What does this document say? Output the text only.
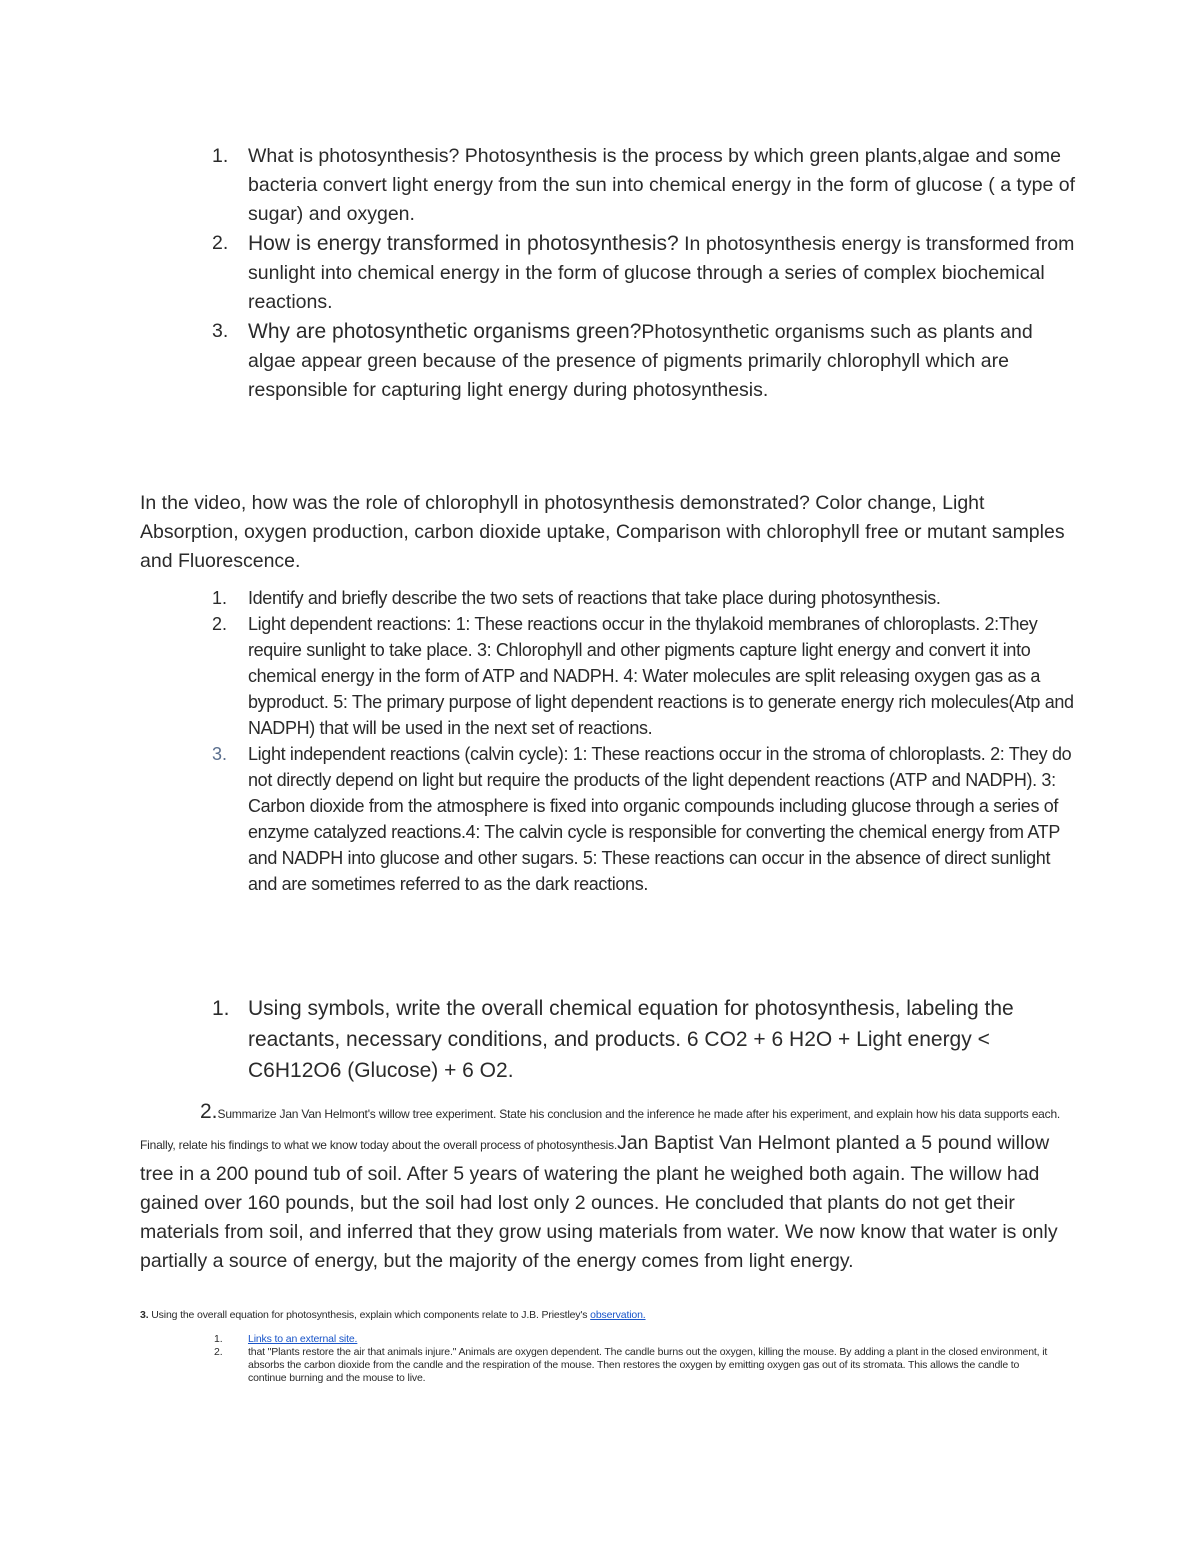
1. What is photosynthesis? Photosynthesis is the process by which green plants,algae and some bacteria convert light energy from the sun into chemical energy in the form of glucose ( a type of sugar) and oxygen.
2. How is energy transformed in photosynthesis? In photosynthesis energy is transformed from sunlight into chemical energy in the form of glucose through a series of complex biochemical reactions.
3. Why are photosynthetic organisms green?Photosynthetic organisms such as plants and algae appear green because of the presence of pigments primarily chlorophyll which are responsible for capturing light energy during photosynthesis.
In the video, how was the role of chlorophyll in photosynthesis demonstrated? Color change, Light Absorption, oxygen production, carbon dioxide uptake, Comparison with chlorophyll free or mutant samples and Fluorescence.
1. Identify and briefly describe the two sets of reactions that take place during photosynthesis.
2. Light dependent reactions: 1: These reactions occur in the thylakoid membranes of chloroplasts. 2:They require sunlight to take place. 3: Chlorophyll and other pigments capture light energy and convert it into chemical energy in the form of ATP and NADPH. 4: Water molecules are split releasing oxygen gas as a byproduct. 5: The primary purpose of light dependent reactions is to generate energy rich molecules(Atp and NADPH) that will be used in the next set of reactions.
3. Light independent reactions (calvin cycle): 1: These reactions occur in the stroma of chloroplasts. 2: They do not directly depend on light but require the products of the light dependent reactions (ATP and NADPH). 3: Carbon dioxide from the atmosphere is fixed into organic compounds including glucose through a series of enzyme catalyzed reactions.4: The calvin cycle is responsible for converting the chemical energy from ATP and NADPH into glucose and other sugars. 5: These reactions can occur in the absence of direct sunlight and are sometimes referred to as the dark reactions.
1. Using symbols, write the overall chemical equation for photosynthesis, labeling the reactants, necessary conditions, and products. 6 CO2 + 6 H2O + Light energy < C6H12O6 (Glucose) + 6 O2.
2.Summarize Jan Van Helmont's willow tree experiment. State his conclusion and the inference he made after his experiment, and explain how his data supports each. Finally, relate his findings to what we know today about the overall process of photosynthesis.Jan Baptist Van Helmont planted a 5 pound willow tree in a 200 pound tub of soil. After 5 years of watering the plant he weighed both again. The willow had gained over 160 pounds, but the soil had lost only 2 ounces. He concluded that plants do not get their materials from soil, and inferred that they grow using materials from water. We now know that water is only partially a source of energy, but the majority of the energy comes from light energy.
3. Using the overall equation for photosynthesis, explain which components relate to J.B. Priestley's observation.
1. Links to an external site.
2. that "Plants restore the air that animals injure." Animals are oxygen dependent. The candle burns out the oxygen, killing the mouse. By adding a plant in the closed environment, it absorbs the carbon dioxide from the candle and the respiration of the mouse. Then restores the oxygen by emitting oxygen gas out of its stromata. This allows the candle to continue burning and the mouse to live.
